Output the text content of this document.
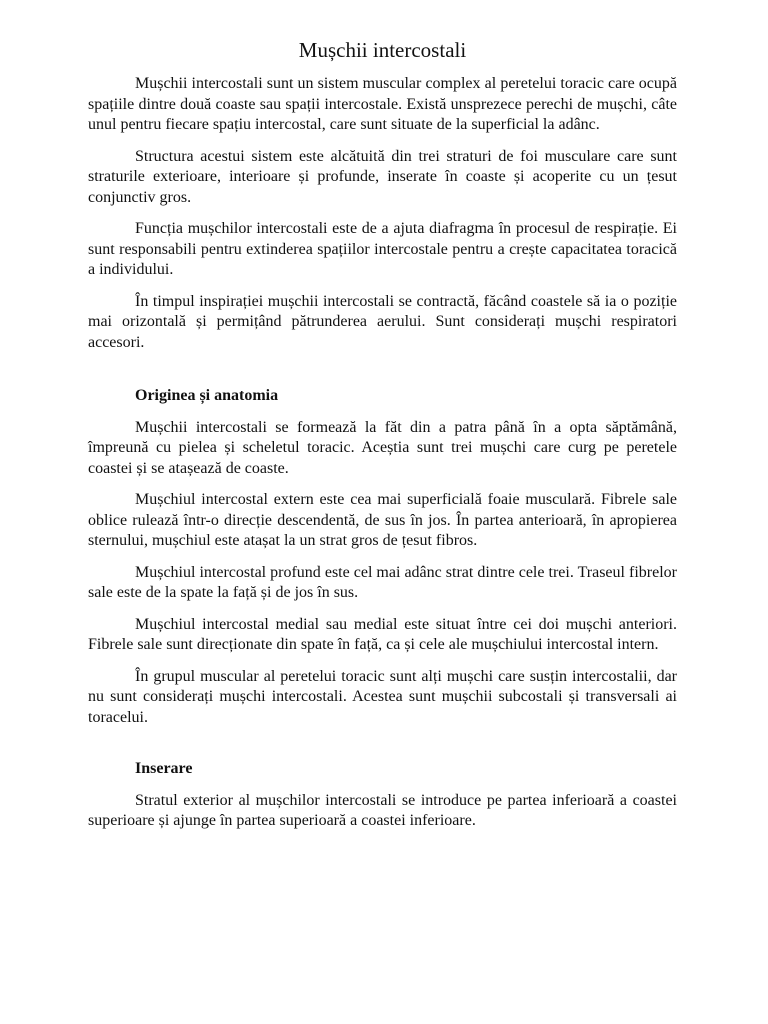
Mușchii intercostali

Mușchii intercostali sunt un sistem muscular complex al peretelui toracic care ocupă spațiile dintre două coaste sau spații intercostale. Există unsprezece perechi de mușchi, câte unul pentru fiecare spațiu intercostal, care sunt situate de la superficial la adânc.

Structura acestui sistem este alcătuită din trei straturi de foi musculare care sunt straturile exterioare, interioare și profunde, inserate în coaste și acoperite cu un țesut conjunctiv gros.

Funcția mușchilor intercostali este de a ajuta diafragma în procesul de respirație. Ei sunt responsabili pentru extinderea spațiilor intercostale pentru a crește capacitatea toracică a individului.

În timpul inspirației mușchii intercostali se contractă, făcând coastele să ia o poziție mai orizontală și permițând pătrunderea aerului. Sunt considerați mușchi respiratori accesori.

Originea și anatomia

Mușchii intercostali se formează la făt din a patra până în a opta săptămână, împreună cu pielea și scheletul toracic. Aceștia sunt trei mușchi care curg pe peretele coastei și se atașează de coaste.

Mușchiul intercostal extern este cea mai superficială foaie musculară. Fibrele sale oblice rulează într-o direcție descendentă, de sus în jos. În partea anterioară, în apropierea sternului, mușchiul este atașat la un strat gros de țesut fibros.

Mușchiul intercostal profund este cel mai adânc strat dintre cele trei. Traseul fibrelor sale este de la spate la față și de jos în sus.

Mușchiul intercostal medial sau medial este situat între cei doi mușchi anteriori. Fibrele sale sunt direcționate din spate în față, ca și cele ale mușchiului intercostal intern.

În grupul muscular al peretelui toracic sunt alți mușchi care susțin intercostalii, dar nu sunt considerați mușchi intercostali. Acestea sunt mușchii subcostali și transversali ai toracelui.

Inserare

Stratul exterior al mușchilor intercostali se introduce pe partea inferioară a coastei superioare și ajunge în partea superioară a coastei inferioare.
